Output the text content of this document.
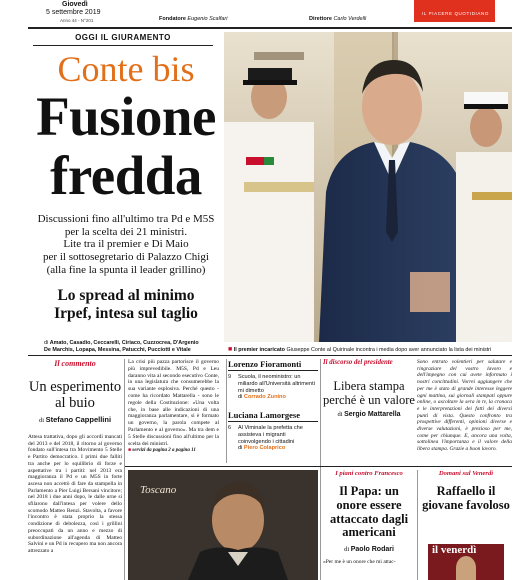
Giovedì
5 settembre 2019
Anno 44 - N°201	Fondatore Eugenio Scalfari	Direttore Carlo Verdelli
IL PIACERE QUOTIDIANO
OGGI IL GIURAMENTO
Conte bis
Fusione
fredda
Discussioni fino all'ultimo tra Pd e M5S
per la scelta dei 21 ministri.
Lite tra il premier e Di Maio
per il sottosegretario di Palazzo Chigi
(alla fine la spunta il leader grillino)
Lo spread al minimo
Irpef, intesa sul taglio
di Amato, Casadio, Ceccarelli, Ciriaco, Cuzzocrea, D'Argenio
De Marchis, Lopapa, Messina, Patucchi, Pucciotti e Vitale
ANSA/REUTERS
■ Il premier incaricato Giuseppe Conte al Quirinale incontra i media dopo aver annunciato la lista dei ministri
Il commento
Un esperimento al buio
di Stefano Cappellini

Attesa trattativa, dopo gli accordi mancati del 2013 e del 2018, il ritorno al governo fondato sull'intesa tra Movimento 5 Stelle e Partito democratico. I primi due falliti tra anche per lo squilibrio di forze e aspettative tra i partiti: nel 2013 era maggioranza il Pd e un M5S in forte ascesa non accettò di fare da stampella in Parlamento a Pier Luigi Bersani vincitore; nel 2018 i due anni dopo, le dalle urne si sfilarono dall'intesa per volere dello scomodo Matteo Renzi. Stavolta, a favore l'incontro è stata proprio la stessa condizione di debolezza, così i grillini preoccupati da un anno e mezzo di subordinazione all'agenda di Matteo Salvini e un Pd in recupero ma non ancora attrezzato a

La crisi più pazza partorisce il governo più imprevedibile. M5S, Pd e Leu daranno vita al secondo esecutivo Conte, in una legislatura che consumerebbe la sua variante esplosiva. Perché questo - come ha ricordato Mattarella - sono le regole della Costituzione: «Una volta che, in base alle indicazioni di una maggioranza parlamentare, si è formato un governo, la parola compete al Parlamento e al governo». Ma tra dem e 5 Stelle discussioni fino all'ultimo per la scelta dei ministri.

■ servizi da pagina 2 a pagina 11
Lorenzo Fioramonti
9	Scuola, il neoministro: un miliardo all'Università altrimenti mi dimetto
di Corrado Zunino
Luciana Lamorgese
6	Al Viminale la prefetta che assisteva i migranti coinvolgendo i cittadini
di Piero Colaprico
Il discorso del presidente
Libera stampa perché è un valore
di Sergio Mattarella

Sono entrato volentieri per salutare e ringraziare del vostro lavoro e dell'impegno con cui avete informato i nostri concittadini. Vorrei aggiungere che per me è stato di grande interesse leggere ogni mattina, sui giornali stampati oppure online, o ascoltare la sera in tv, la cronaca e le interpretazioni dei fatti dei diversi punti di vista. Questo confronto tra prospettive differenti, opinioni diverse e diverse valutazioni, è prezioso per me, come per chiunque. E, ancora una volta, sottolinea l'importanza e il valore della libera stampa. Grazie a buon lavoro.

Toscano
I piani contro Francesco
Il Papa: un onore essere attaccato dagli americani
di Paolo Rodari
«Per me è un onore che mi attac-
Domani sul Venerdì
Raffaello il giovane favoloso
il venerdì
